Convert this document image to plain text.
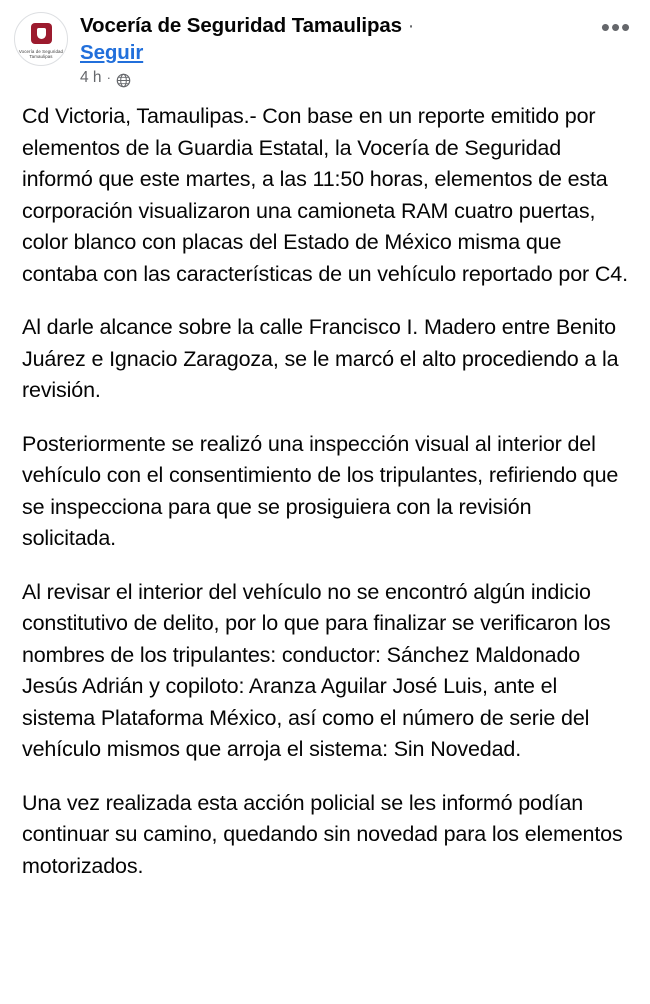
Vocería de Seguridad Tamaulipas
Vocería de Seguridad Tamaulipas ·
Seguir
4 h ·
•••

Cd Victoria, Tamaulipas.- Con base en un reporte emitido por elementos de la Guardia Estatal, la Vocería de Seguridad informó que este martes, a las 11:50 horas, elementos de esta corporación visualizaron una camioneta RAM cuatro puertas, color blanco con placas del Estado de México misma que contaba con las características de un vehículo reportado por C4.

Al darle alcance sobre la calle Francisco I. Madero entre Benito Juárez e Ignacio Zaragoza, se le marcó el alto procediendo a la revisión.

Posteriormente se realizó una inspección visual al interior del vehículo con el consentimiento de los tripulantes, refiriendo que se inspecciona para que se prosiguiera con la revisión solicitada.

Al revisar el interior del vehículo no se encontró algún indicio constitutivo de delito, por lo que para finalizar se verificaron los nombres de los tripulantes: conductor: Sánchez Maldonado Jesús Adrián y copiloto: Aranza Aguilar José Luis, ante el sistema Plataforma México, así como el número de serie del vehículo mismos que arroja el sistema: Sin Novedad.

Una vez realizada esta acción policial se les informó podían continuar su camino, quedando sin novedad para los elementos motorizados.
